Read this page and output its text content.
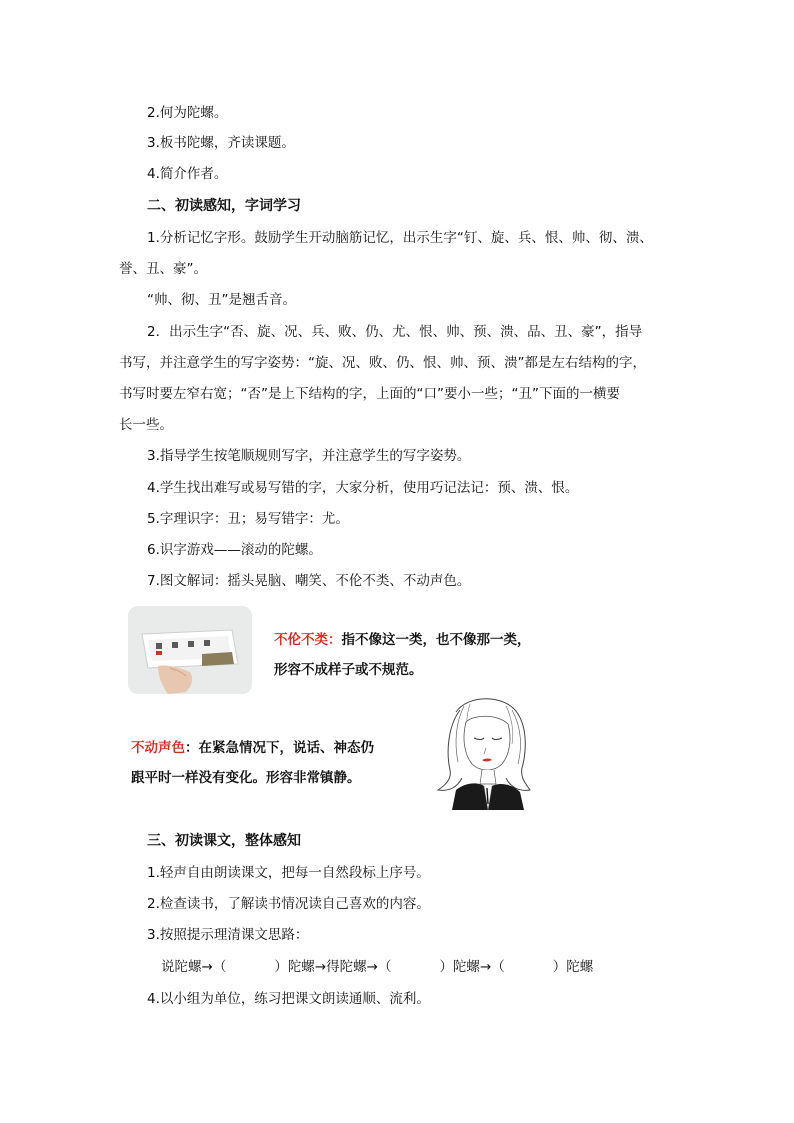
2.何为陀螺。
3.板书陀螺，齐读课题。
4.简介作者。
二、初读感知，字词学习
1.分析记忆字形。鼓励学生开动脑筋记忆，出示生字“钉、旋、兵、恨、帅、彻、溃、
誉、丑、豪”。
“帅、彻、丑”是翘舌音。
2．出示生字“否、旋、况、兵、败、仍、尤、恨、帅、预、溃、品、丑、豪”，指导
书写，并注意学生的写字姿势：“旋、况、败、仍、恨、帅、预、溃”都是左右结构的字，
书写时要左窄右宽；“否”是上下结构的字，上面的“口”要小一些；“丑”下面的一横要
长一些。
3.指导学生按笔顺规则写字，并注意学生的写字姿势。
4.学生找出难写或易写错的字，大家分析，使用巧记法记：预、溃、恨。
5.字理识字：丑；易写错字：尤。
6.识字游戏——滚动的陀螺。
7.图文解词：摇头晃脑、嘲笑、不伦不类、不动声色。
不伦不类：指不像这一类，也不像那一类，
形容不成样子或不规范。
不动声色：在紧急情况下，说话、神态仍
跟平时一样没有变化。形容非常镇静。
三、初读课文，整体感知
1.轻声自由朗读课文，把每一自然段标上序号。
2.检查读书，了解读书情况读自己喜欢的内容。
3.按照提示理清课文思路：
说陀螺→（	）陀螺→得陀螺→（	）陀螺→（	）陀螺
4.以小组为单位，练习把课文朗读通顺、流利。
